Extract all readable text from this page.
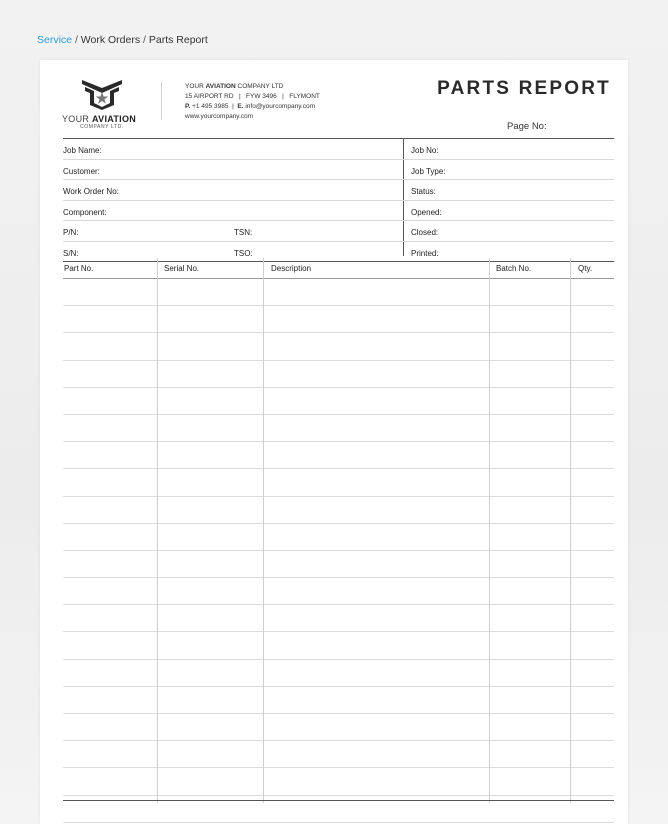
Service / Work Orders / Parts Report
YOUR AVIATION
COMPANY LTD.
YOUR AVIATION COMPANY LTD
15 AIRPORT RD   |   FYW 3496   |   FLYMONT
P. +1 495 3985  |  E. info@yourcompany.com
www.yourcompany.com
PARTS REPORT
Page No:
Job Name:	Job No:
Customer:	Job Type:
Work Order No:	Status:
Component:	Opened:
P/N:	TSN:	Closed:
S/N:	TSO:	Printed:
Part No.	Serial No.	Description	Batch No.	Qty.
